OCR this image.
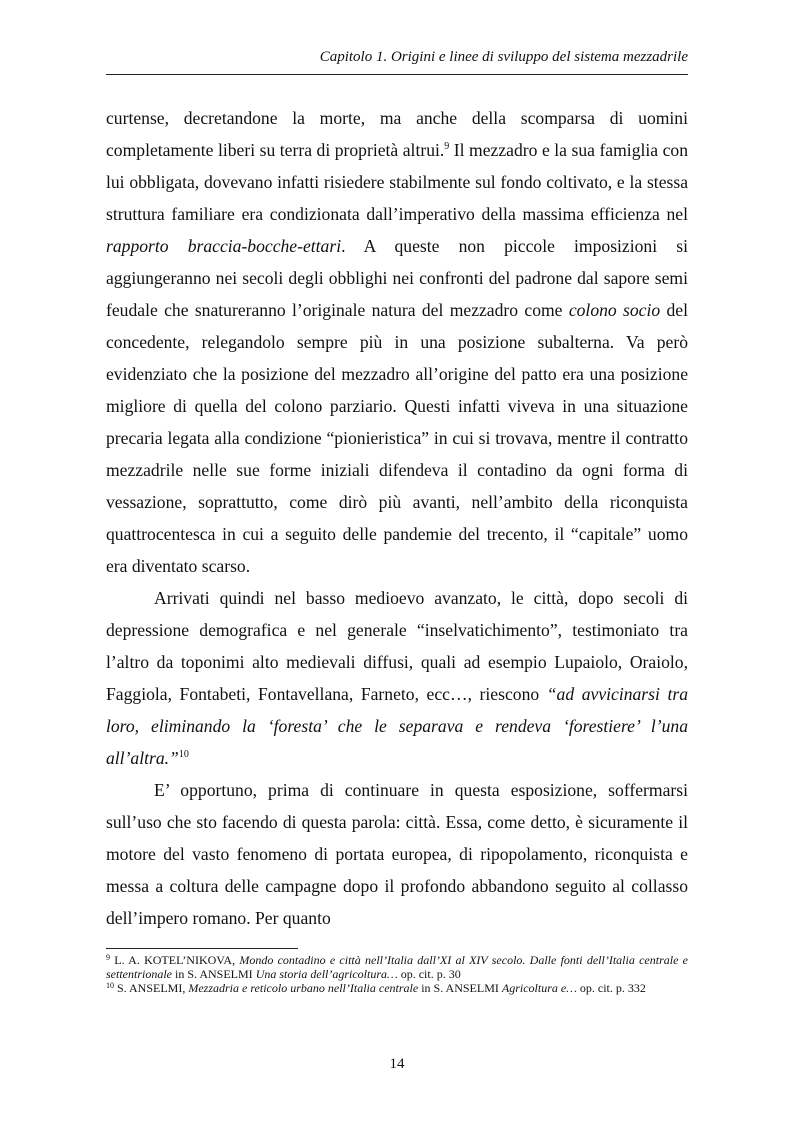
Capitolo 1. Origini e linee di sviluppo del sistema mezzadrile

curtense, decretandone la morte, ma anche della scomparsa di uomini completamente liberi su terra di proprietà altrui.$^9$ Il mezzadro e la sua famiglia con lui obbligata, dovevano infatti risiedere stabilmente sul fondo coltivato, e la stessa struttura familiare era condizionata dall’imperativo della massima efficienza nel rapporto braccia-bocche-ettari. A queste non piccole imposizioni si aggiungeranno nei secoli degli obblighi nei confronti del padrone dal sapore semi feudale che snatureranno l’originale natura del mezzadro come colono socio del concedente, relegandolo sempre più in una posizione subalterna. Va però evidenziato che la posizione del mezzadro all’origine del patto era una posizione migliore di quella del colono parziario. Questi infatti viveva in una situazione precaria legata alla condizione “pionieristica” in cui si trovava, mentre il contratto mezzadrile nelle sue forme iniziali difendeva il contadino da ogni forma di vessazione, soprattutto, come dirò più avanti, nell’ambito della riconquista quattrocentesca in cui a seguito delle pandemie del trecento, il “capitale” uomo era diventato scarso.

Arrivati quindi nel basso medioevo avanzato, le città, dopo secoli di depressione demografica e nel generale “inselvatichimento”, testimoniato tra l’altro da toponimi alto medievali diffusi, quali ad esempio Lupaiolo, Oraiolo, Faggiola, Fontabeti, Fontavellana, Farneto, ecc…, riescono “ad avvicinarsi tra loro, eliminando la ‘foresta’ che le separava e rendeva ‘forestiere’ l’una all’altra.”$^{10}$

E’ opportuno, prima di continuare in questa esposizione, soffermarsi sull’uso che sto facendo di questa parola: città. Essa, come detto, è sicuramente il motore del vasto fenomeno di portata europea, di ripopolamento, riconquista e messa a coltura delle campagne dopo il profondo abbandono seguito al collasso dell’impero romano. Per quanto

$^9$ L. A. KOTEL’NIKOVA, Mondo contadino e città nell’Italia dall’XI al XIV secolo. Dalle fonti dell’Italia centrale e settentrionale in S. ANSELMI Una storia dell’agricoltura… op. cit. p. 30

$^{10}$ S. ANSELMI, Mezzadria e reticolo urbano nell’Italia centrale in S. ANSELMI Agricoltura e… op. cit. p. 332

14
